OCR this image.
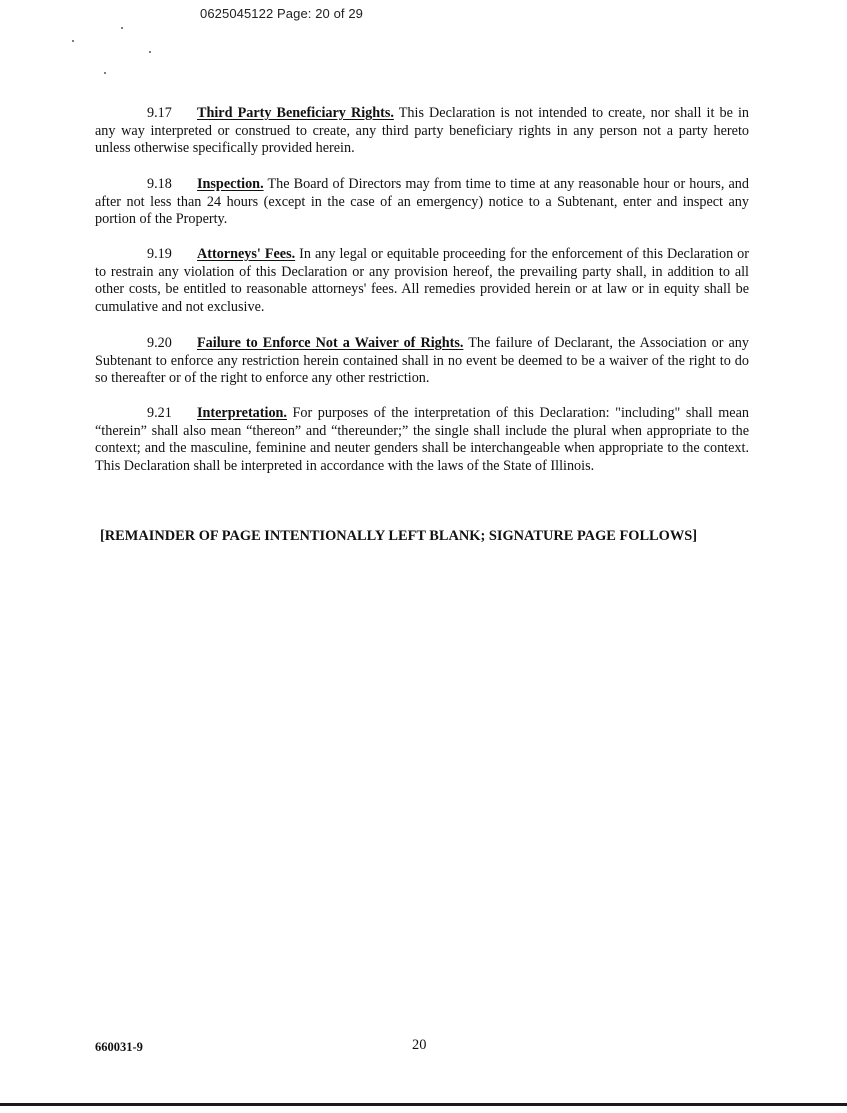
0625045122 Page: 20 of 29

9.17 Third Party Beneficiary Rights. This Declaration is not intended to create, nor shall it be in any way interpreted or construed to create, any third party beneficiary rights in any person not a party hereto unless otherwise specifically provided herein.

9.18 Inspection. The Board of Directors may from time to time at any reasonable hour or hours, and after not less than 24 hours (except in the case of an emergency) notice to a Subtenant, enter and inspect any portion of the Property.

9.19 Attorneys' Fees. In any legal or equitable proceeding for the enforcement of this Declaration or to restrain any violation of this Declaration or any provision hereof, the prevailing party shall, in addition to all other costs, be entitled to reasonable attorneys' fees. All remedies provided herein or at law or in equity shall be cumulative and not exclusive.

9.20 Failure to Enforce Not a Waiver of Rights. The failure of Declarant, the Association or any Subtenant to enforce any restriction herein contained shall in no event be deemed to be a waiver of the right to do so thereafter or of the right to enforce any other restriction.

9.21 Interpretation. For purposes of the interpretation of this Declaration: "including" shall mean “therein” shall also mean “thereon” and “thereunder;” the single shall include the plural when appropriate to the context; and the masculine, feminine and neuter genders shall be interchangeable when appropriate to the context. This Declaration shall be interpreted in accordance with the laws of the State of Illinois.

[REMAINDER OF PAGE INTENTIONALLY LEFT BLANK; SIGNATURE PAGE FOLLOWS]
660031-9	20
